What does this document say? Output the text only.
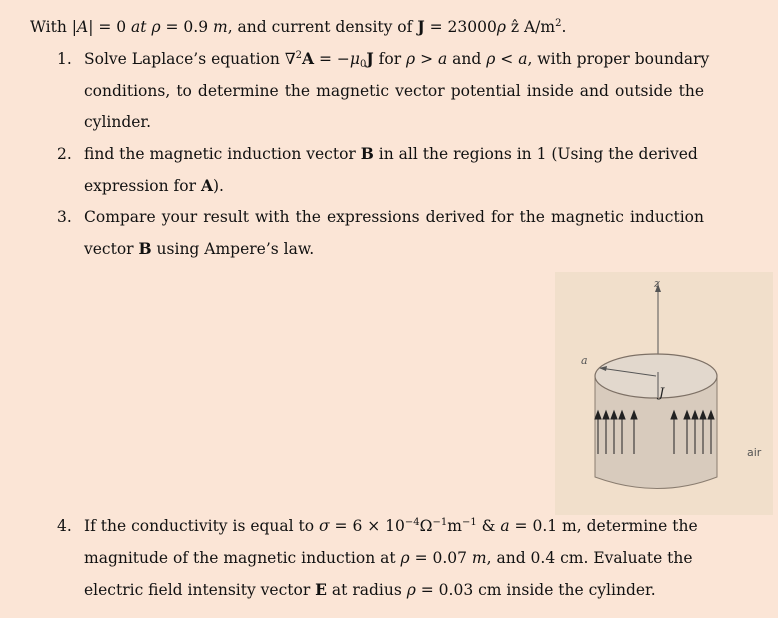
With |A| = 0 at ρ = 0.9 m, and current density of J = 23000ρ ẑ $A/m^2$.
1. Solve Laplace’s equation $\nabla^2A = -\mu_0J$ for ρ > a and ρ < a, with proper boundary
conditions, to determine the magnetic vector potential inside and outside the
cylinder.
2. find the magnetic induction vector B in all the regions in 1 (Using the derived
expression for A).
3. Compare your result with the expressions derived for the magnetic induction
vector B using Ampere’s law.
z
a
J
air
4. If the conductivity is equal to $\sigma = 6 \times 10^{-4}\Omega^{-1}m^{-1}$ & a = 0.1 m, determine the
magnitude of the magnetic induction at ρ = 0.07 m, and 0.4 cm. Evaluate the
electric field intensity vector E at radius ρ = 0.03 cm inside the cylinder.
